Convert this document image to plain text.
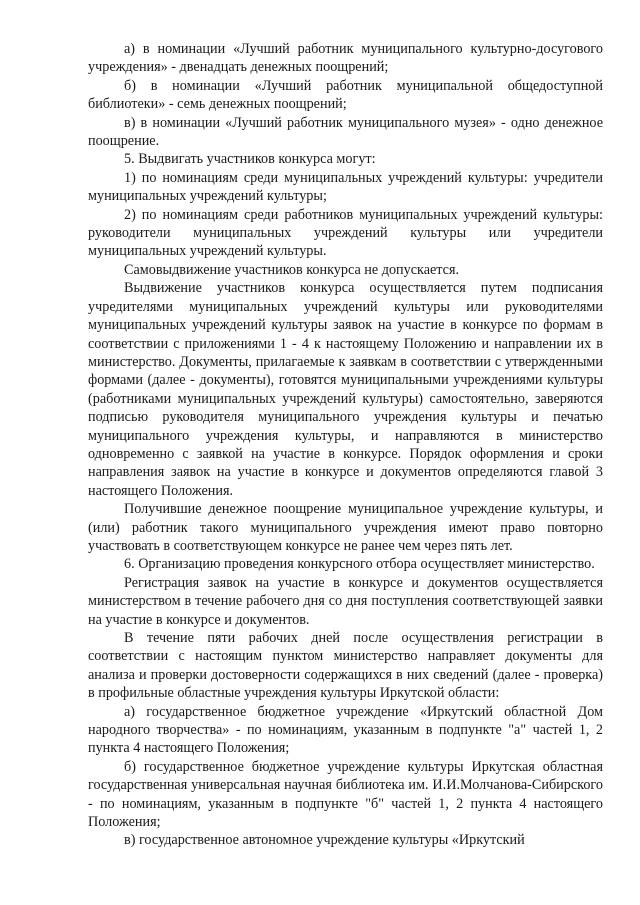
а) в номинации «Лучший работник муниципального культурно-досугового учреждения» - двенадцать денежных поощрений;

б) в номинации «Лучший работник муниципальной общедоступной библиотеки» - семь денежных поощрений;

в) в номинации «Лучший работник муниципального музея» - одно денежное поощрение.

5. Выдвигать участников конкурса могут:

1) по номинациям среди муниципальных учреждений культуры: учредители муниципальных учреждений культуры;

2) по номинациям среди работников муниципальных учреждений культуры: руководители муниципальных учреждений культуры или учредители муниципальных учреждений культуры.

Самовыдвижение участников конкурса не допускается.

Выдвижение участников конкурса осуществляется путем подписания учредителями муниципальных учреждений культуры или руководителями муниципальных учреждений культуры заявок на участие в конкурсе по формам в соответствии с приложениями 1 - 4 к настоящему Положению и направлении их в министерство. Документы, прилагаемые к заявкам в соответствии с утвержденными формами (далее - документы), готовятся муниципальными учреждениями культуры (работниками муниципальных учреждений культуры) самостоятельно, заверяются подписью руководителя муниципального учреждения культуры и печатью муниципального учреждения культуры, и направляются в министерство одновременно с заявкой на участие в конкурсе. Порядок оформления и сроки направления заявок на участие в конкурсе и документов определяются главой 3 настоящего Положения.

Получившие денежное поощрение муниципальное учреждение культуры, и (или) работник такого муниципального учреждения имеют право повторно участвовать в соответствующем конкурсе не ранее чем через пять лет.

6. Организацию проведения конкурсного отбора осуществляет министерство.

Регистрация заявок на участие в конкурсе и документов осуществляется министерством в течение рабочего дня со дня поступления соответствующей заявки на участие в конкурсе и документов.

В течение пяти рабочих дней после осуществления регистрации в соответствии с настоящим пунктом министерство направляет документы для анализа и проверки достоверности содержащихся в них сведений (далее - проверка) в профильные областные учреждения культуры Иркутской области:

а) государственное бюджетное учреждение «Иркутский областной Дом народного творчества» - по номинациям, указанным в подпункте "а" частей 1, 2 пункта 4 настоящего Положения;

б) государственное бюджетное учреждение культуры Иркутская областная государственная универсальная научная библиотека им. И.И.Молчанова-Сибирского - по номинациям, указанным в подпункте "б" частей 1, 2 пункта 4 настоящего Положения;

в) государственное автономное учреждение культуры «Иркутский
